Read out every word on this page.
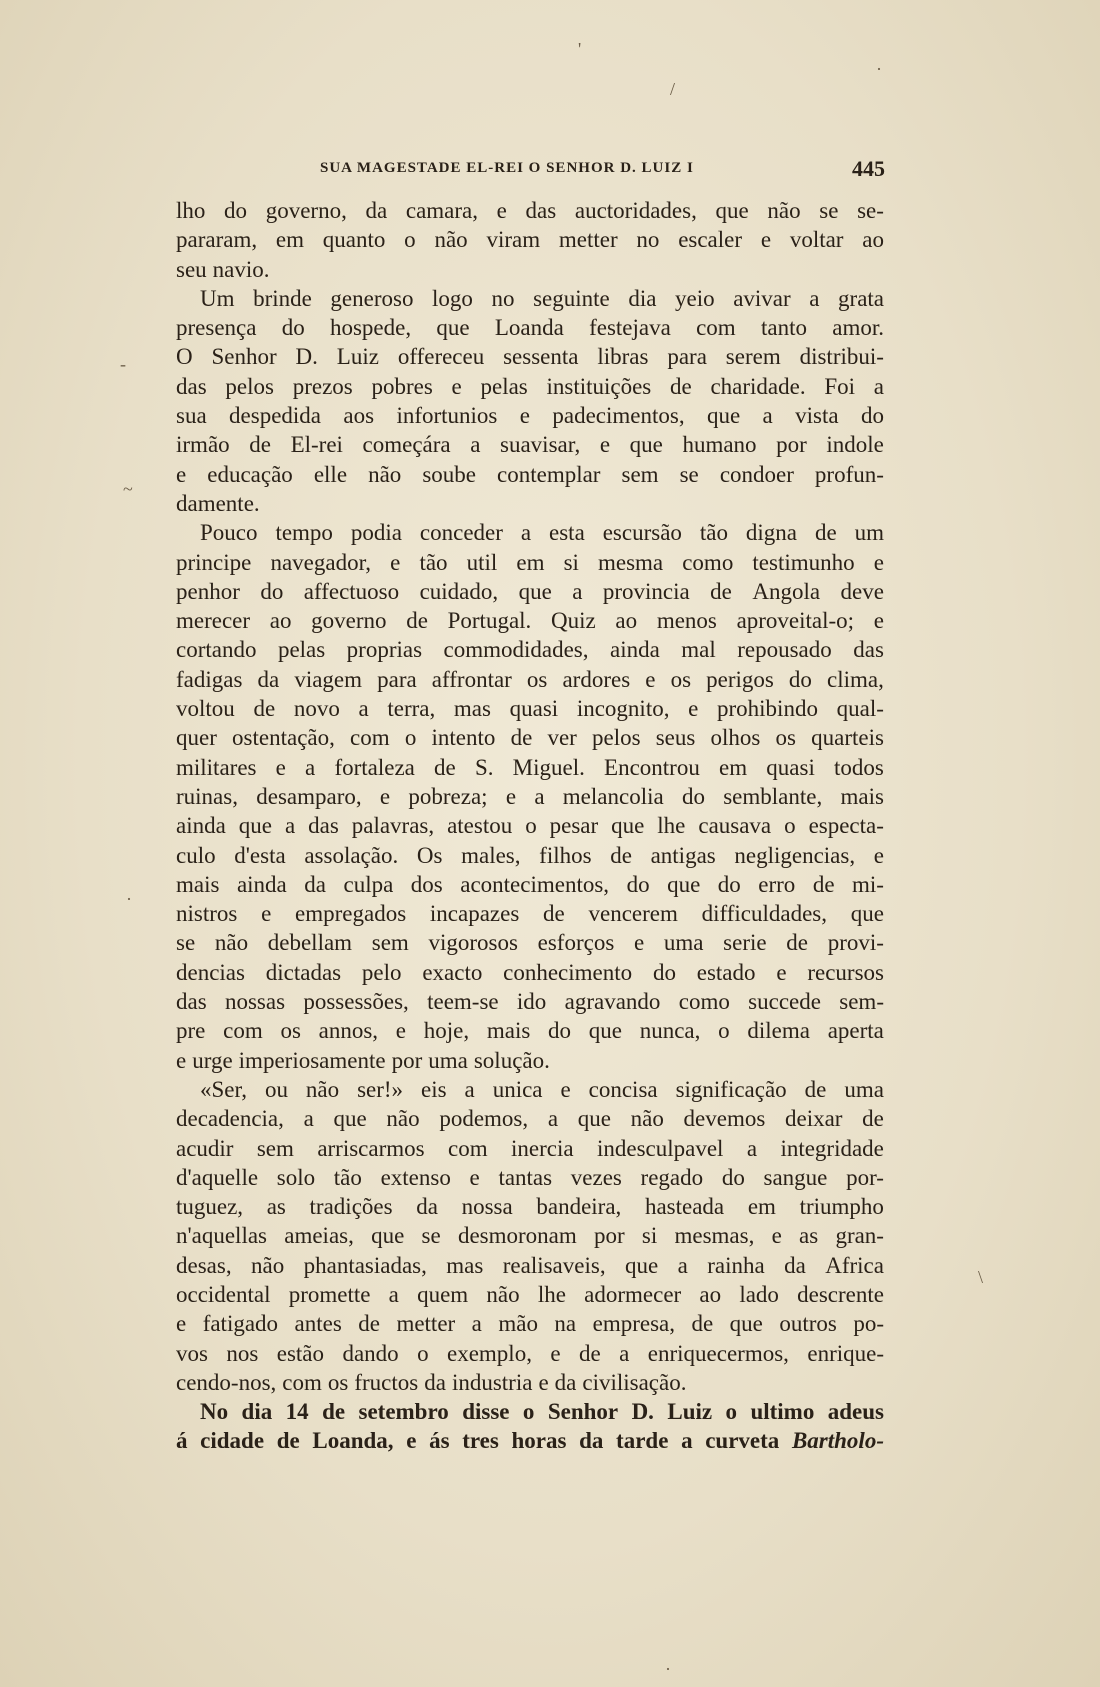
'
/
·
-
~
·
\
·
SUA MAGESTADE EL-REI O SENHOR D. LUIZ I	445
lho do governo, da camara, e das auctoridades, que não se se-
pararam, em quanto o não viram metter no escaler e voltar ao
seu navio.
Um brinde generoso logo no seguinte dia yeio avivar a grata
presença do hospede, que Loanda festejava com tanto amor.
O Senhor D. Luiz offereceu sessenta libras para serem distribui-
das pelos prezos pobres e pelas instituições de charidade. Foi a
sua despedida aos infortunios e padecimentos, que a vista do
irmão de El-rei começára a suavisar, e que humano por indole
e educação elle não soube contemplar sem se condoer profun-
damente.
Pouco tempo podia conceder a esta escursão tão digna de um
principe navegador, e tão util em si mesma como testimunho e
penhor do affectuoso cuidado, que a provincia de Angola deve
merecer ao governo de Portugal. Quiz ao menos aproveital-o; e
cortando pelas proprias commodidades, ainda mal repousado das
fadigas da viagem para affrontar os ardores e os perigos do clima,
voltou de novo a terra, mas quasi incognito, e prohibindo qual-
quer ostentação, com o intento de ver pelos seus olhos os quarteis
militares e a fortaleza de S. Miguel. Encontrou em quasi todos
ruinas, desamparo, e pobreza; e a melancolia do semblante, mais
ainda que a das palavras, atestou o pesar que lhe causava o especta-
culo d'esta assolação. Os males, filhos de antigas negligencias, e
mais ainda da culpa dos acontecimentos, do que do erro de mi-
nistros e empregados incapazes de vencerem difficuldades, que
se não debellam sem vigorosos esforços e uma serie de provi-
dencias dictadas pelo exacto conhecimento do estado e recursos
das nossas possessões, teem-se ido agravando como succede sem-
pre com os annos, e hoje, mais do que nunca, o dilema aperta
e urge imperiosamente por uma solução.
«Ser, ou não ser!» eis a unica e concisa significação de uma
decadencia, a que não podemos, a que não devemos deixar de
acudir sem arriscarmos com inercia indesculpavel a integridade
d'aquelle solo tão extenso e tantas vezes regado do sangue por-
tuguez, as tradições da nossa bandeira, hasteada em triumpho
n'aquellas ameias, que se desmoronam por si mesmas, e as gran-
desas, não phantasiadas, mas realisaveis, que a rainha da Africa
occidental promette a quem não lhe adormecer ao lado descrente
e fatigado antes de metter a mão na empresa, de que outros po-
vos nos estão dando o exemplo, e de a enriquecermos, enrique-
cendo-nos, com os fructos da industria e da civilisação.
No dia 14 de setembro disse o Senhor D. Luiz o ultimo adeus
á cidade de Loanda, e ás tres horas da tarde a curveta Bartholo-
